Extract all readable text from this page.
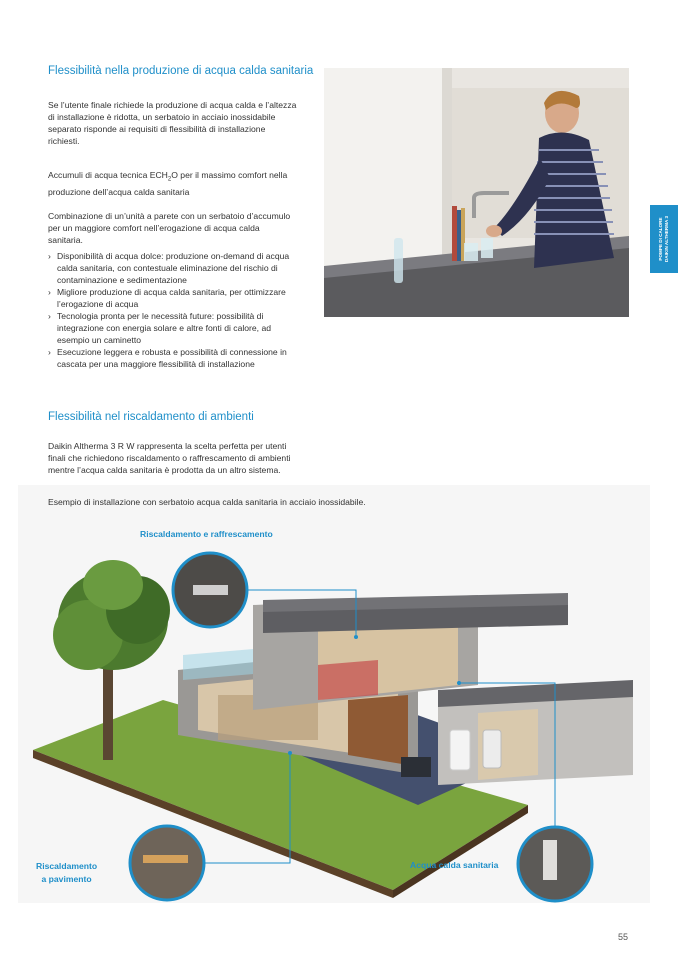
Flessibilità nella produzione di acqua calda sanitaria

Se l’utente finale richiede la produzione di acqua calda e l’altezza

di installazione è ridotta, un serbatoio in acciaio inossidabile

separato risponde ai requisiti di flessibilità di installazione

richiesti.

Accumuli di acqua tecnica $ECH_2O$ per il massimo comfort nella

produzione dell’acqua calda sanitaria

Combinazione di un’unità a parete con un serbatoio d’accumulo

per un maggiore comfort nell’erogazione di acqua calda

sanitaria.

› Disponibilità di acqua dolce: produzione on-demand di acqua
calda sanitaria, con contestuale eliminazione del rischio di
contaminazione e sedimentazione
› Migliore produzione di acqua calda sanitaria, per ottimizzare
l’erogazione di acqua
› Tecnologia pronta per le necessità future: possibilità di
integrazione con energia solare e altre fonti di calore, ad
esempio un caminetto
› Esecuzione leggera e robusta e possibilità di connessione in
cascata per una maggiore flessibilità di installazione
POMPE DI CALORE DAIKIN ALTHERMA 3
Flessibilità nel riscaldamento di ambienti

Daikin Altherma 3 R W rappresenta la scelta perfetta per utenti

finali che richiedono riscaldamento o raffrescamento di ambienti

mentre l’acqua calda sanitaria è prodotta da un altro sistema.

Esempio di installazione con serbatoio acqua calda sanitaria in acciaio inossidabile.

Riscaldamento e raffrescamento
Riscaldamento
a pavimento
Acqua calda sanitaria
55
